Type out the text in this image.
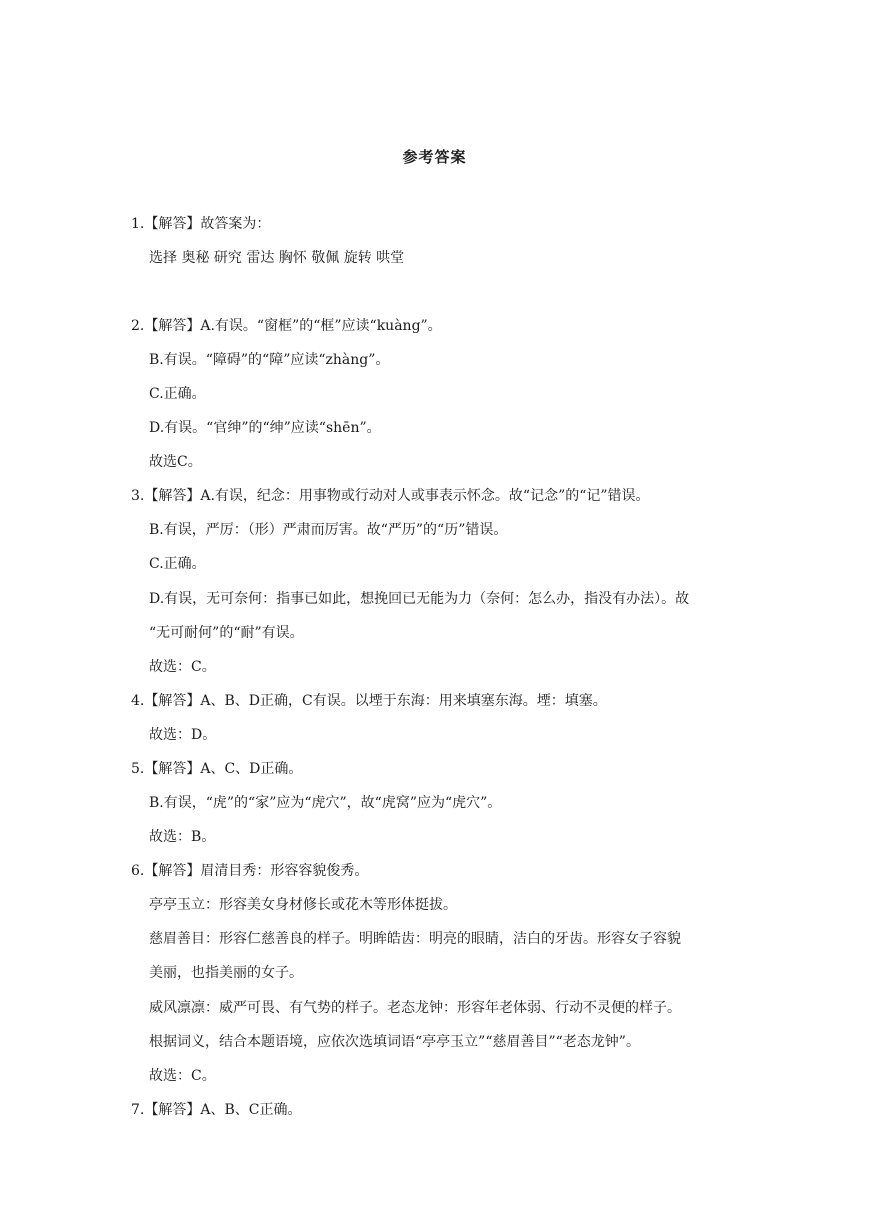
参考答案
1.【解答】故答案为：
选择 奥秘 研究 雷达 胸怀 敬佩 旋转 哄堂
2.【解答】A.有误。“窗框”的“框”应读“kuàng”。
B.有误。“障碍”的“障”应读“zhàng”。
C.正确。
D.有误。“官绅”的“绅”应读“shēn”。
故选C。
3.【解答】A.有误，纪念：用事物或行动对人或事表示怀念。故“记念”的“记”错误。
B.有误，严厉：（形）严肃而厉害。故“严历”的“历”错误。
C.正确。
D.有误，无可奈何：指事已如此，想挽回已无能为力（奈何：怎么办，指没有办法）。故
“无可耐何”的“耐”有误。
故选：C。
4.【解答】A、B、D正确，C有误。以堙于东海：用来填塞东海。堙：填塞。
故选：D。
5.【解答】A、C、D正确。
B.有误，“虎”的“家”应为“虎穴”，故“虎窝”应为“虎穴”。
故选：B。
6.【解答】眉清目秀：形容容貌俊秀。
亭亭玉立：形容美女身材修长或花木等形体挺拔。
慈眉善目：形容仁慈善良的样子。明眸皓齿：明亮的眼睛，洁白的牙齿。形容女子容貌
美丽，也指美丽的女子。
威风凛凛：威严可畏、有气势的样子。老态龙钟：形容年老体弱、行动不灵便的样子。
根据词义，结合本题语境，应依次选填词语“亭亭玉立”“慈眉善目”“老态龙钟”。
故选：C。
7.【解答】A、B、C正确。
